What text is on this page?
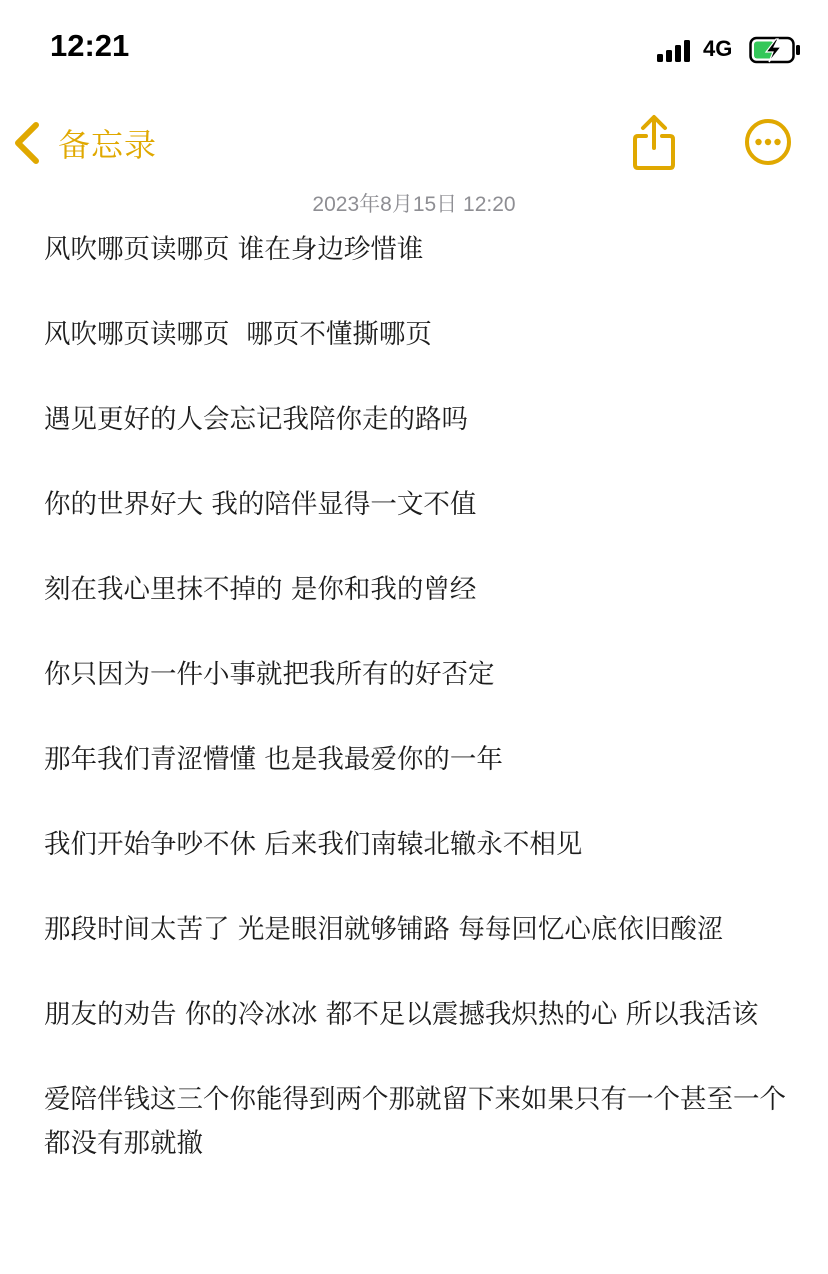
12:21	4G
备忘录
2023年8月15日 12:20

风吹哪页读哪页 谁在身边珍惜谁

风吹哪页读哪页  哪页不懂撕哪页

遇见更好的人会忘记我陪你走的路吗

你的世界好大 我的陪伴显得一文不值

刻在我心里抹不掉的 是你和我的曾经

你只因为一件小事就把我所有的好否定

那年我们青涩懵懂 也是我最爱你的一年

我们开始争吵不休 后来我们南辕北辙永不相见

那段时间太苦了 光是眼泪就够铺路 每每回忆心底依旧酸涩

朋友的劝告 你的冷冰冰 都不足以震撼我炽热的心 所以我活该

爱陪伴钱这三个你能得到两个那就留下来如果只有一个甚至一个都没有那就撤
